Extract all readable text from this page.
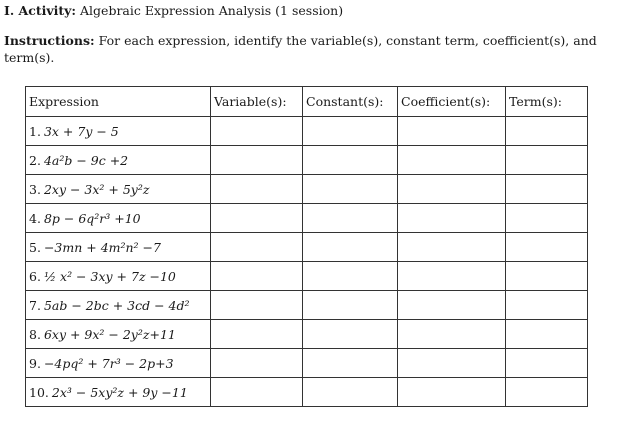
I. Activity: Algebraic Expression Analysis (1 session)
Instructions: For each expression, identify the variable(s), constant term, coefficient(s), and term(s).
Expression	Variable(s):	Constant(s):	Coefficient(s):	Term(s):
1. 3x + 7y − 5				
2. 4a²b − 9c +2				
3. 2xy − 3x² + 5y²z				
4. 8p − 6q²r³ +10				
5. −3mn + 4m²n² −7				
6. ½ x² − 3xy + 7z −10				
7. 5ab − 2bc + 3cd − 4d²				
8. 6xy + 9x² − 2y²z+11				
9. −4pq² + 7r³ − 2p+3				
10. 2x³ − 5xy²z + 9y −11				
